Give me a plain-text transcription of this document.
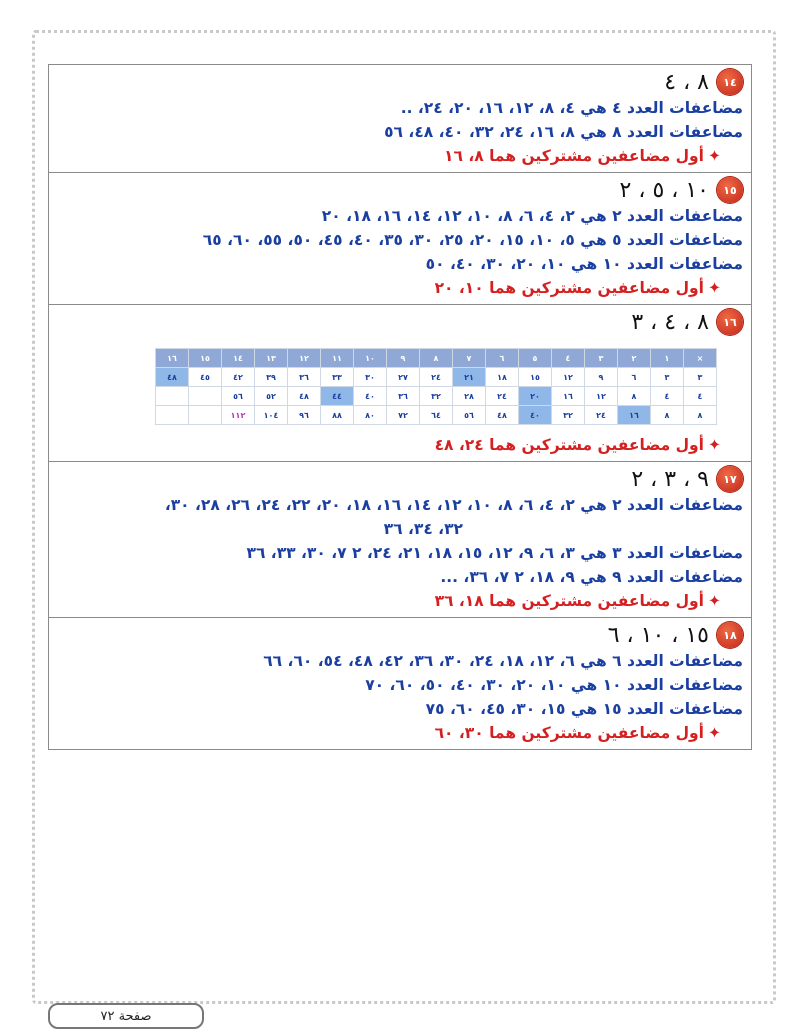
١٤
٨ ، ٤
مضاعفات العدد ٤ هي ٤، ٨، ١٢، ١٦، ٢٠، ٢٤، ..
مضاعفات العدد ٨ هي ٨، ١٦، ٢٤، ٣٢، ٤٠، ٤٨، ٥٦
✦أول مضاعفين مشتركين هما ٨، ١٦
١٥
١٠ ، ٥ ، ٢
مضاعفات العدد ٢ هي ٢، ٤، ٦، ٨، ١٠، ١٢، ١٤، ١٦، ١٨، ٢٠
مضاعفات العدد ٥ هي ٥، ١٠، ١٥، ٢٠، ٢٥، ٣٠، ٣٥، ٤٠، ٤٥، ٥٠، ٥٥، ٦٠، ٦٥
مضاعفات العدد ١٠ هي ١٠، ٢٠، ٣٠، ٤٠، ٥٠
✦أول مضاعفين مشتركين هما ١٠، ٢٠
١٦
٨ ، ٤ ، ٣
×	١	٢	٣	٤	٥	٦	٧	٨	٩	١٠	١١	١٢	١٣	١٤	١٥	١٦
٣	٣	٦	٩	١٢	١٥	١٨	٢١	٢٤	٢٧	٣٠	٣٣	٣٦	٣٩	٤٢	٤٥	٤٨
٤	٤	٨	١٢	١٦	٢٠	٢٤	٢٨	٣٢	٣٦	٤٠	٤٤	٤٨	٥٢	٥٦		
٨	٨	١٦	٢٤	٣٢	٤٠	٤٨	٥٦	٦٤	٧٢	٨٠	٨٨	٩٦	١٠٤	١١٢		
✦أول مضاعفين مشتركين هما ٢٤، ٤٨
١٧
٩ ، ٣ ، ٢
مضاعفات العدد ٢ هي ٢، ٤، ٦، ٨، ١٠، ١٢، ١٤، ١٦، ١٨، ٢٠، ٢٢، ٢٤، ٢٦، ٢٨، ٣٠،
٣٢، ٣٤، ٣٦
مضاعفات العدد ٣ هي ٣، ٦، ٩، ١٢، ١٥، ١٨، ٢١، ٢٤، ٢ ٧، ٣٠، ٣٣، ٣٦
مضاعفات العدد ٩ هي ٩، ١٨، ٢ ٧، ٣٦، ...
✦أول مضاعفين مشتركين هما ١٨، ٣٦
١٨
١٥ ، ١٠ ، ٦
مضاعفات العدد ٦ هي ٦، ١٢، ١٨، ٢٤، ٣٠، ٣٦، ٤٢، ٤٨، ٥٤، ٦٠، ٦٦
مضاعفات العدد ١٠ هي ١٠، ٢٠، ٣٠، ٤٠، ٥٠، ٦٠، ٧٠
مضاعفات العدد ١٥ هي ١٥، ٣٠، ٤٥، ٦٠، ٧٥
✦أول مضاعفين مشتركين هما ٣٠، ٦٠
صفحة ٧٢
